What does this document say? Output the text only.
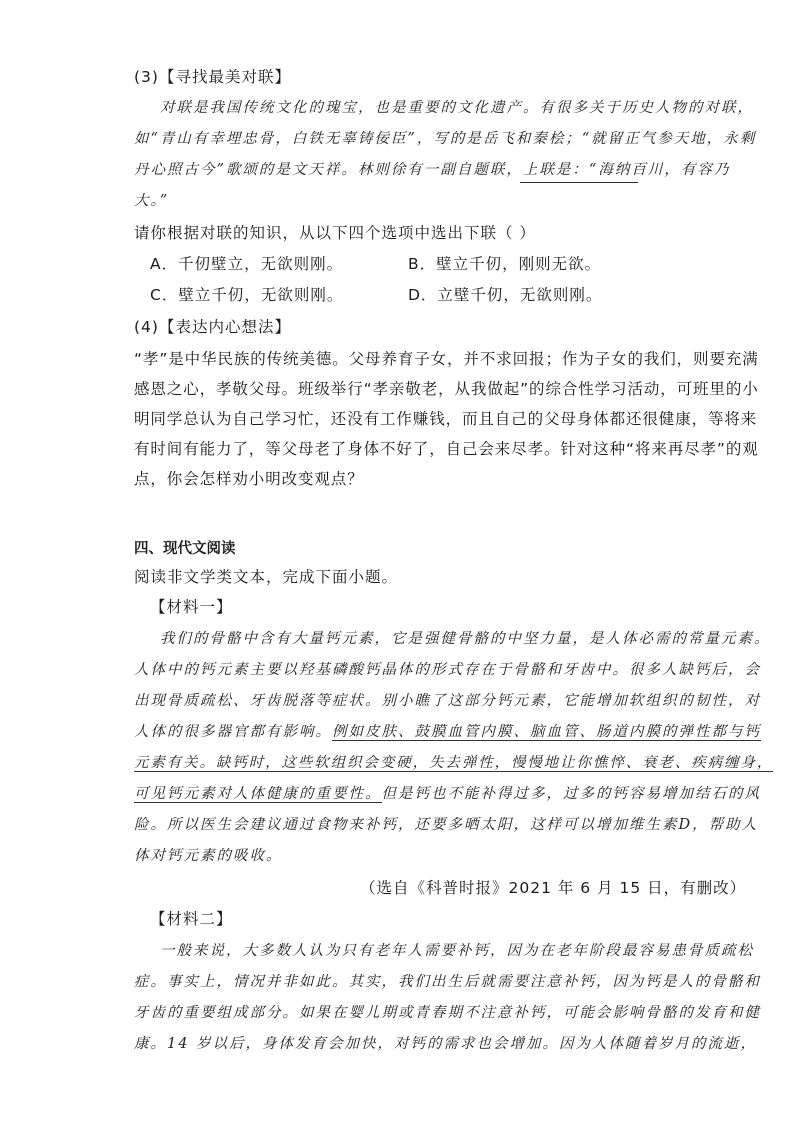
(3)【寻找最美对联】
对联是我国传统文化的瑰宝，也是重要的文化遗产。有很多关于历史人物的对联，
如“青山有幸埋忠骨，白铁无辜铸佞臣”，写的是岳飞和秦桧；“就留正气参天地，永剩
丹心照古今”歌颂的是文天祥。林则徐有一副自题联，上联是：“海纳百川，有容乃
大。”
请你根据对联的知识，从以下四个选项中选出下联（ ）
A．千仞壁立，无欲则刚。	B．壁立千仞，刚则无欲。
C．壁立千仞，无欲则刚。	D．立壁千仞，无欲则刚。
(4)【表达内心想法】
“孝”是中华民族的传统美德。父母养育子女，并不求回报；作为子女的我们，则要充满
感恩之心，孝敬父母。班级举行“孝亲敬老，从我做起”的综合性学习活动，可班里的小
明同学总认为自己学习忙，还没有工作赚钱，而且自己的父母身体都还很健康，等将来
有时间有能力了，等父母老了身体不好了，自己会来尽孝。针对这种“将来再尽孝”的观
点，你会怎样劝小明改变观点？
四、现代文阅读
阅读非文学类文本，完成下面小题。
【材料一】
我们的骨骼中含有大量钙元素，它是强健骨骼的中坚力量，是人体必需的常量元素。
人体中的钙元素主要以羟基磷酸钙晶体的形式存在于骨骼和牙齿中。很多人缺钙后，会
出现骨质疏松、牙齿脱落等症状。别小瞧了这部分钙元素，它能增加软组织的韧性，对
人体的很多器官都有影响。例如皮肤、鼓膜血管内膜、脑血管、肠道内膜的弹性都与钙
元素有关。缺钙时，这些软组织会变硬，失去弹性，慢慢地让你憔悴、衰老、疾病缠身，
可见钙元素对人体健康的重要性。但是钙也不能补得过多，过多的钙容易增加结石的风
险。所以医生会建议通过食物来补钙，还要多晒太阳，这样可以增加维生素D，帮助人
体对钙元素的吸收。
（选自《科普时报》2021 年 6 月 15 日，有删改）
【材料二】
一般来说，大多数人认为只有老年人需要补钙，因为在老年阶段最容易患骨质疏松
症。事实上，情况并非如此。其实，我们出生后就需要注意补钙，因为钙是人的骨骼和
牙齿的重要组成部分。如果在婴儿期或青春期不注意补钙，可能会影响骨骼的发育和健
康。14 岁以后，身体发育会加快，对钙的需求也会增加。因为人体随着岁月的流逝，
